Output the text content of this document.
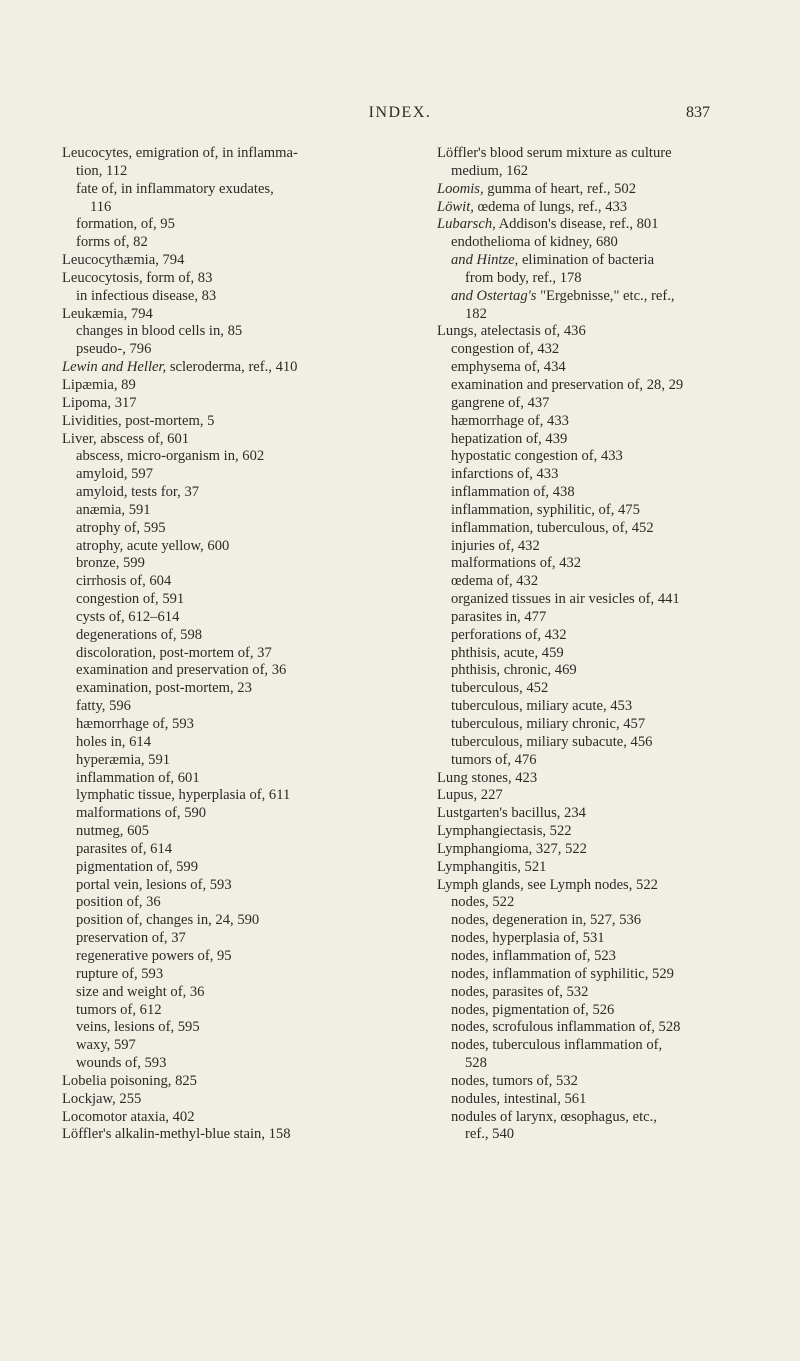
INDEX.	837
Leucocytes, emigration of, in inflamma-
tion, 112
fate of, in inflammatory exudates,
116
formation, of, 95
forms of, 82
Leucocythæmia, 794
Leucocytosis, form of, 83
in infectious disease, 83
Leukæmia, 794
changes in blood cells in, 85
pseudo-, 796
Lewin and Heller, scleroderma, ref., 410
Lipæmia, 89
Lipoma, 317
Lividities, post-mortem, 5
Liver, abscess of, 601
abscess, micro-organism in, 602
amyloid, 597
amyloid, tests for, 37
anæmia, 591
atrophy of, 595
atrophy, acute yellow, 600
bronze, 599
cirrhosis of, 604
congestion of, 591
cysts of, 612–614
degenerations of, 598
discoloration, post-mortem of, 37
examination and preservation of, 36
examination, post-mortem, 23
fatty, 596
hæmorrhage of, 593
holes in, 614
hyperæmia, 591
inflammation of, 601
lymphatic tissue, hyperplasia of, 611
malformations of, 590
nutmeg, 605
parasites of, 614
pigmentation of, 599
portal vein, lesions of, 593
position of, 36
position of, changes in, 24, 590
preservation of, 37
regenerative powers of, 95
rupture of, 593
size and weight of, 36
tumors of, 612
veins, lesions of, 595
waxy, 597
wounds of, 593
Lobelia poisoning, 825
Lockjaw, 255
Locomotor ataxia, 402
Löffler's alkalin-methyl-blue stain, 158
Löffler's blood serum mixture as culture
medium, 162
Loomis, gumma of heart, ref., 502
Löwit, œdema of lungs, ref., 433
Lubarsch, Addison's disease, ref., 801
endothelioma of kidney, 680
and Hintze, elimination of bacteria
from body, ref., 178
and Ostertag's "Ergebnisse," etc., ref.,
182
Lungs, atelectasis of, 436
congestion of, 432
emphysema of, 434
examination and preservation of, 28, 29
gangrene of, 437
hæmorrhage of, 433
hepatization of, 439
hypostatic congestion of, 433
infarctions of, 433
inflammation of, 438
inflammation, syphilitic, of, 475
inflammation, tuberculous, of, 452
injuries of, 432
malformations of, 432
œdema of, 432
organized tissues in air vesicles of, 441
parasites in, 477
perforations of, 432
phthisis, acute, 459
phthisis, chronic, 469
tuberculous, 452
tuberculous, miliary acute, 453
tuberculous, miliary chronic, 457
tuberculous, miliary subacute, 456
tumors of, 476
Lung stones, 423
Lupus, 227
Lustgarten's bacillus, 234
Lymphangiectasis, 522
Lymphangioma, 327, 522
Lymphangitis, 521
Lymph glands, see Lymph nodes, 522
nodes, 522
nodes, degeneration in, 527, 536
nodes, hyperplasia of, 531
nodes, inflammation of, 523
nodes, inflammation of syphilitic, 529
nodes, parasites of, 532
nodes, pigmentation of, 526
nodes, scrofulous inflammation of, 528
nodes, tuberculous inflammation of,
528
nodes, tumors of, 532
nodules, intestinal, 561
nodules of larynx, œsophagus, etc.,
ref., 540
